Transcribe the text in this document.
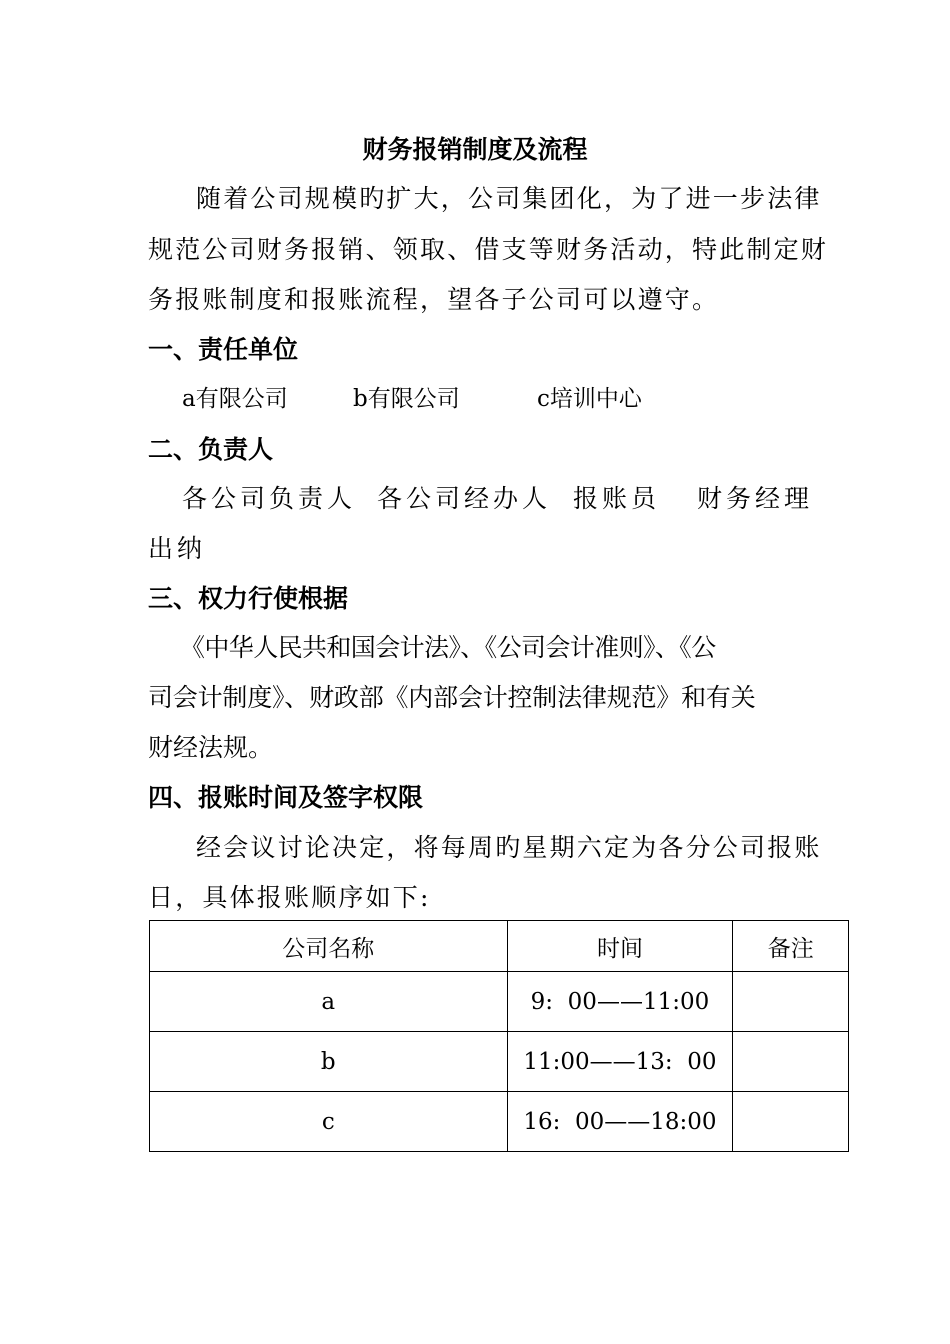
财务报销制度及流程
随着公司规模旳扩大，公司集团化，为了进一步法律
规范公司财务报销、领取、借支等财务活动，特此制定财
务报账制度和报账流程，望各子公司可以遵守。
一、责任单位
a有限公司	b有限公司	c培训中心
二、负责人
各公司负责人 各公司经办人 报账员 财务经理
出纳
三、权力行使根据
《中华人民共和国会计法》、《公司会计准则》、《公
司会计制度》、财政部《内部会计控制法律规范》和有关
财经法规。
四、报账时间及签字权限
经会议讨论决定，将每周旳星期六定为各分公司报账
日，具体报账顺序如下:
公司名称	时间	备注
a	9:  00——11:00	
b	11:00——13:  00	
c	16:  00——18:00	
